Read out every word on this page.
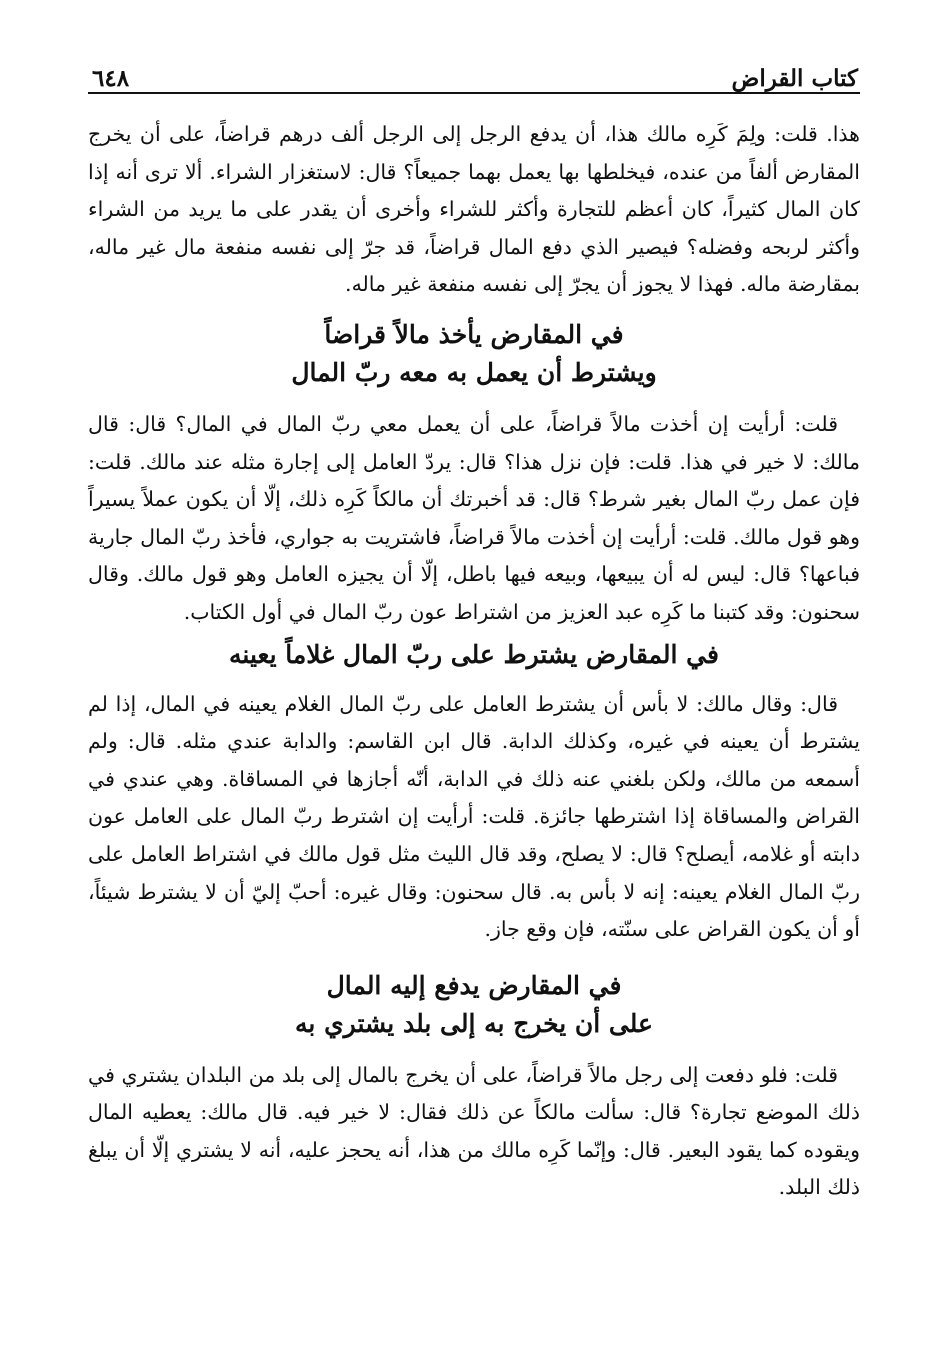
كتاب القراض
٦٤٨

هذا. قلت: ولِمَ كَرِه مالك هذا، أن يدفع الرجل إلى الرجل ألف درهم قراضاً، على أن يخرج المقارض ألفاً من عنده، فيخلطها بها يعمل بهما جميعاً؟ قال: لاستغزار الشراء. ألا ترى أنه إذا كان المال كثيراً، كان أعظم للتجارة وأكثر للشراء وأخرى أن يقدر على ما يريد من الشراء وأكثر لربحه وفضله؟ فيصير الذي دفع المال قراضاً، قد جرّ إلى نفسه منفعة مال غير ماله، بمقارضة ماله. فهذا لا يجوز أن يجرّ إلى نفسه منفعة غير ماله.

في المقارض يأخذ مالاً قراضاً
ويشترط أن يعمل به معه ربّ المال

قلت: أرأيت إن أخذت مالاً قراضاً، على أن يعمل معي ربّ المال في المال؟ قال: قال مالك: لا خير في هذا. قلت: فإن نزل هذا؟ قال: يردّ العامل إلى إجارة مثله عند مالك. قلت: فإن عمل ربّ المال بغير شرط؟ قال: قد أخبرتك أن مالكاً كَرِه ذلك، إلّا أن يكون عملاً يسيراً وهو قول مالك. قلت: أرأيت إن أخذت مالاً قراضاً، فاشتريت به جواري، فأخذ ربّ المال جارية فباعها؟ قال: ليس له أن يبيعها، وبيعه فيها باطل، إلّا أن يجيزه العامل وهو قول مالك. وقال سحنون: وقد كتبنا ما كَرِه عبد العزيز من اشتراط عون ربّ المال في أول الكتاب.

في المقارض يشترط على ربّ المال غلاماً يعينه

قال: وقال مالك: لا بأس أن يشترط العامل على ربّ المال الغلام يعينه في المال، إذا لم يشترط أن يعينه في غيره، وكذلك الدابة. قال ابن القاسم: والدابة عندي مثله. قال: ولم أسمعه من مالك، ولكن بلغني عنه ذلك في الدابة، أنّه أجازها في المساقاة. وهي عندي في القراض والمساقاة إذا اشترطها جائزة. قلت: أرأيت إن اشترط ربّ المال على العامل عون دابته أو غلامه، أيصلح؟ قال: لا يصلح، وقد قال الليث مثل قول مالك في اشتراط العامل على ربّ المال الغلام يعينه: إنه لا بأس به. قال سحنون: وقال غيره: أحبّ إليّ أن لا يشترط شيئاً، أو أن يكون القراض على سنّته، فإن وقع جاز.

في المقارض يدفع إليه المال
على أن يخرج به إلى بلد يشتري به

قلت: فلو دفعت إلى رجل مالاً قراضاً، على أن يخرج بالمال إلى بلد من البلدان يشتري في ذلك الموضع تجارة؟ قال: سألت مالكاً عن ذلك فقال: لا خير فيه. قال مالك: يعطيه المال ويقوده كما يقود البعير. قال: وإنّما كَرِه مالك من هذا، أنه يحجز عليه، أنه لا يشتري إلّا أن يبلغ ذلك البلد.
